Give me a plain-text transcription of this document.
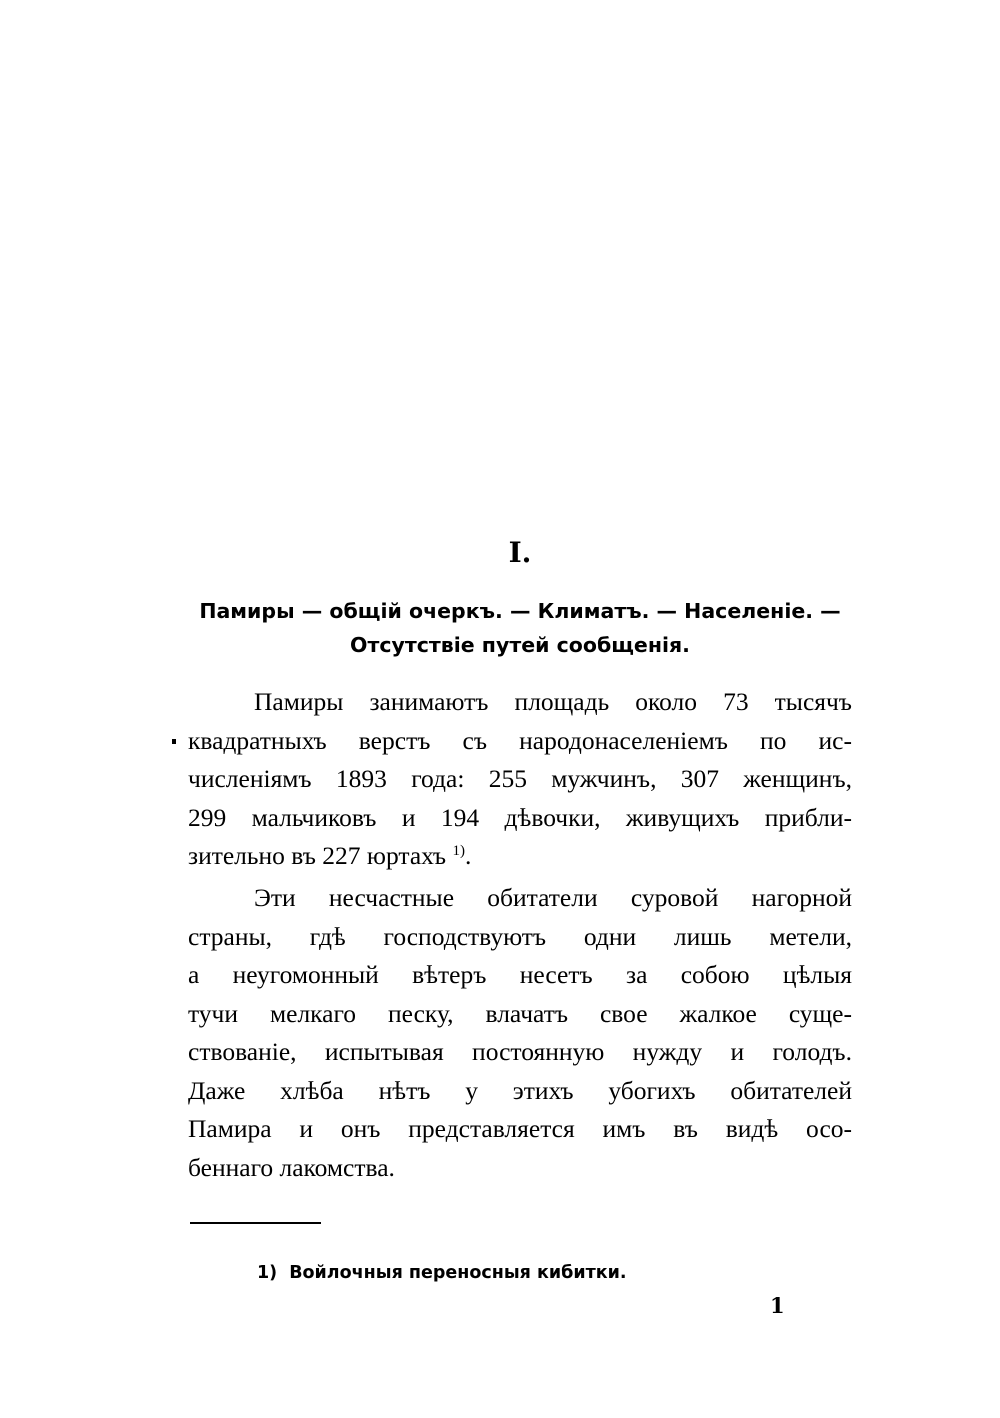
I.
Памиры — общій очеркъ. — Климатъ. — Населеніе. —
Отсутствіе путей сообщенія.
Памиры занимаютъ площадь около 73 тысячъ
квадратныхъ верстъ съ народонаселеніемъ по ис-
численіямъ 1893 года: 255 мужчинъ, 307 женщинъ,
299 мальчиковъ и 194 дѣвочки, живущихъ прибли-
зительно въ 227 юртахъ $^{1)}$.
Эти несчастные обитатели суровой нагорной
страны, гдѣ господствуютъ одни лишь метели,
а неугомонный вѣтеръ несетъ за собою цѣлыя
тучи мелкаго песку, влачатъ свое жалкое суще-
ствованіе, испытывая постоянную нужду и голодъ.
Даже хлѣба нѣтъ у этихъ убогихъ обитателей
Памира и онъ представляется имъ въ видѣ осо-
беннаго лакомства.
1) Войлочныя переносныя кибитки.
1
